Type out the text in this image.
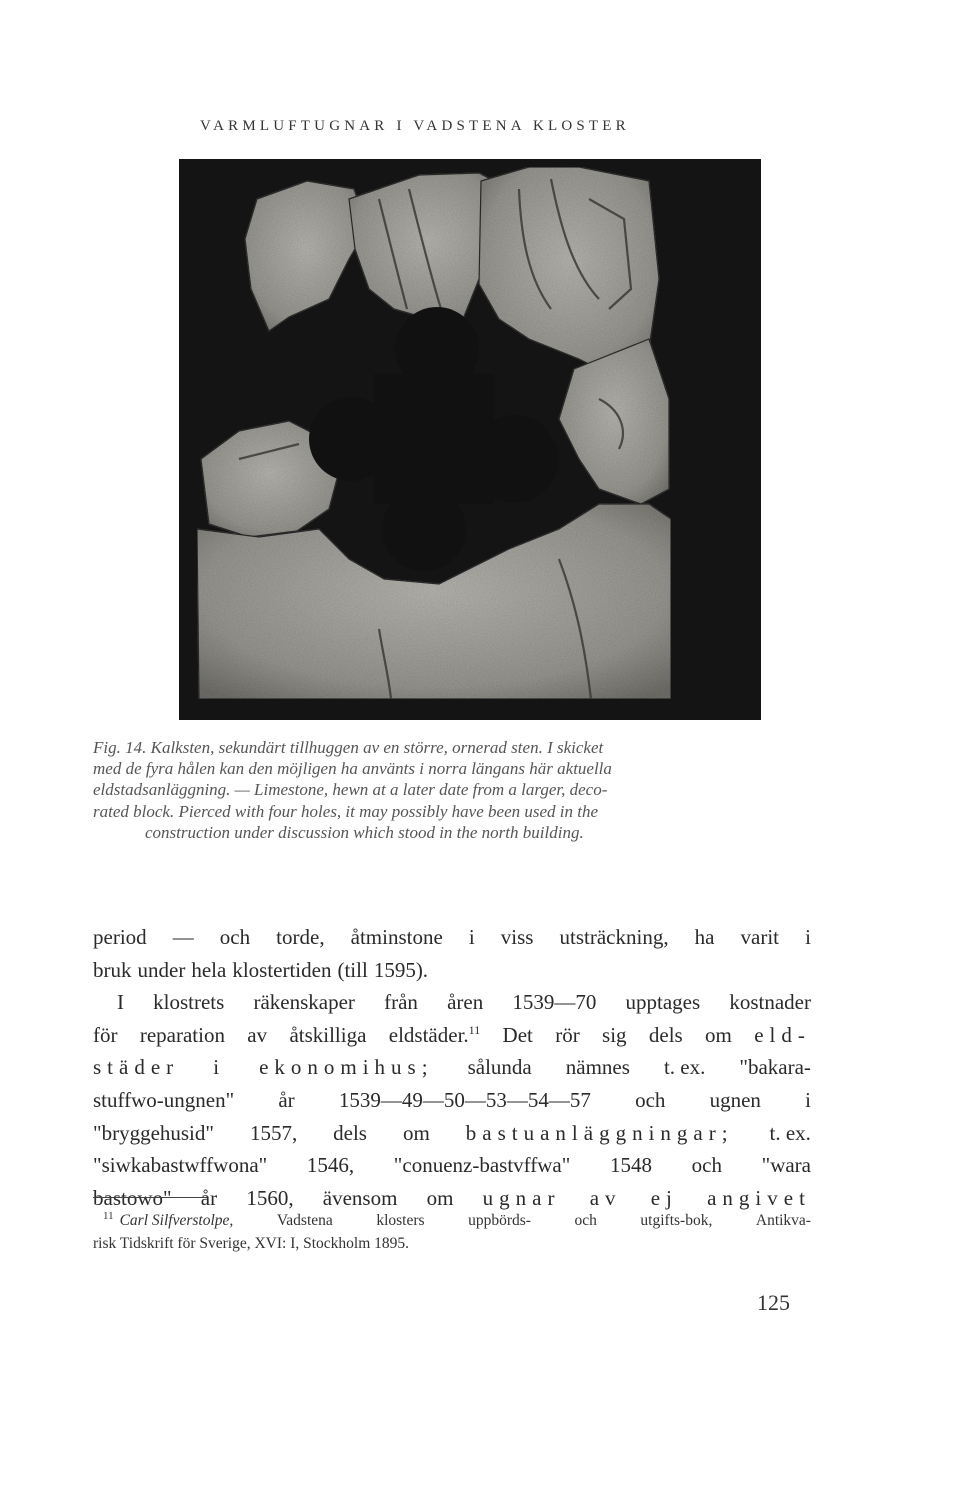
VARMLUFTUGNAR I VADSTENA KLOSTER
Fig. 14. Kalksten, sekundärt tillhuggen av en större, ornerad sten. I skicket
med de fyra hålen kan den möjligen ha använts i norra längans här aktuella
eldstadsanläggning. — Limestone, hewn at a later date from a larger, deco-
rated block. Pierced with four holes, it may possibly have been used in the
construction under discussion which stood in the north building.
period — och torde, åtminstone i viss utsträckning, ha varit i
bruk under hela klostertiden (till 1595).
I klostrets räkenskaper från åren 1539—70 upptages kostnader
för reparation av åtskilliga eldstäder.$^{11}$ Det rör sig dels om eld-
städer i ekonomihus; sålunda nämnes t. ex. "bakara-
stuffwo-ungnen" år 1539—49—50—53—54—57 och ugnen i
"bryggehusid" 1557, dels om bastuanläggningar; t. ex.
"siwkabastwffwona" 1546, "conuenz-bastvffwa" 1548 och "wara
bastowo" år 1560, ävensom om ugnar av ej angivet
$^{11}$ Carl Silfverstolpe,	Vadstena	klosters	uppbörds-	och	utgifts-bok,	Antikva-
risk Tidskrift för Sverige, XVI: I, Stockholm 1895.
125
